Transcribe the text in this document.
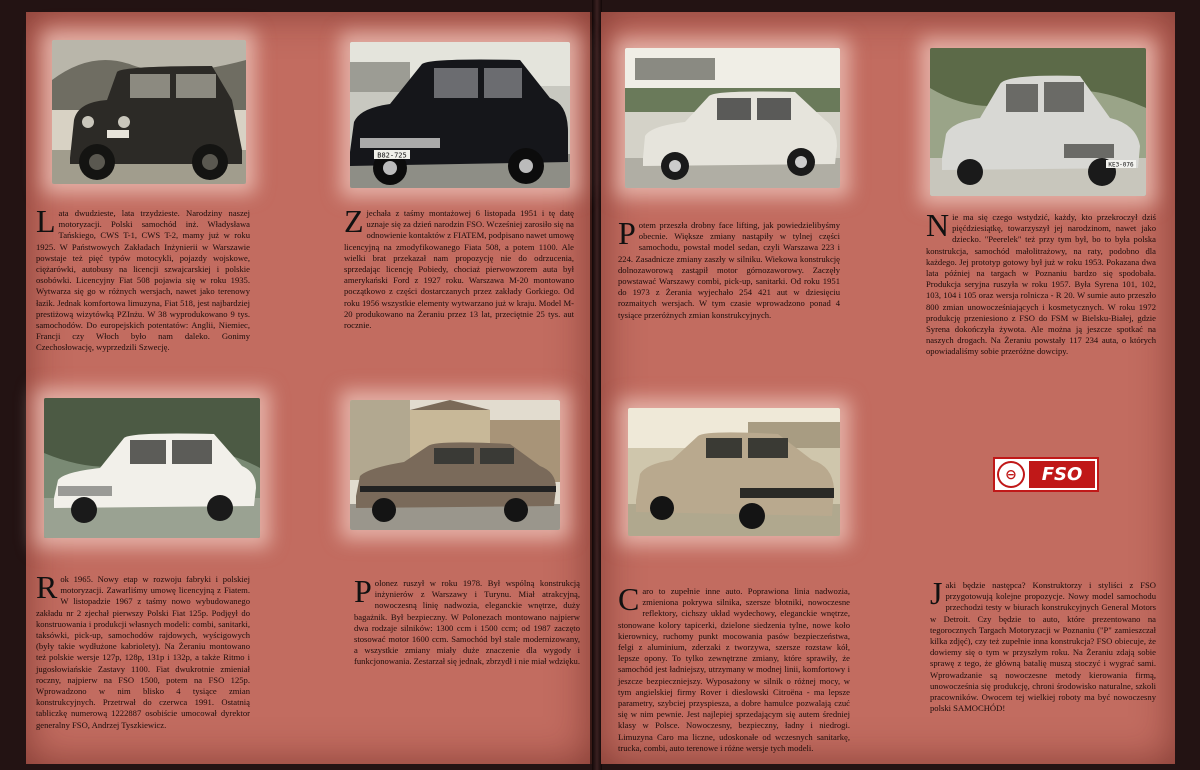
B82-725
KE3-076
Lata dwudzieste, lata trzydzieste. Narodziny naszej motoryzacji. Polski samochód inż. Władysława Tańskiego, CWS T-1, CWS T-2, mamy już w roku 1925. W Państwowych Zakładach Inżynierii w Warszawie powstaje też pięć typów motocykli, pojazdy wojskowe, ciężarówki, autobusy na licencji szwajcarskiej i polskie osobówki. Licencyjny Fiat 508 pojawia się w roku 1935. Wytwarza się go w różnych wersjach, nawet jako terenowy łazik. Jednak komfortowa limuzyna, Fiat 518, jest najbardziej prestiżową wizytówką PZInżu. W 38 wyprodukowano 9 tys. samochodów. Do europejskich potentatów: Anglii, Niemiec, Francji czy Włoch było nam daleko. Gonimy Czechosłowację, wyprzedzili Szwecję.
Zjechała z taśmy montażowej 6 listopada 1951 i tę datę uznaje się za dzień narodzin FSO. Wcześniej zarosiło się na odnowienie kontaktów z FIATEM, podpisano nawet umowę licencyjną na zmodyfikowanego Fiata 508, a potem 1100. Ale wielki brat przekazał nam propozycję nie do odrzucenia, sprzedając licencję Pobiedy, chociaż pierwowzorem auta był amerykański Ford z 1927 roku. Warszawa M-20 montowano początkowo z części dostarczanych przez zakłady Gorkiego. Od roku 1956 wszystkie elementy wytwarzano już w kraju. Model M-20 produkowano na Żeraniu przez 13 lat, przeciętnie 25 tys. aut rocznie.
Potem przeszła drobny face lifting, jak powiedzielibyśmy obecnie. Większe zmiany nastąpiły w tylnej części samochodu, powstał model sedan, czyli Warszawa 223 i 224. Zasadnicze zmiany zaszły w silniku. Wiekowa konstrukcję dolnozaworową zastąpił motor górnozaworowy. Zaczęły powstawać Warszawy combi, pick-up, sanitarki. Od roku 1951 do 1973 z Żerania wyjechało 254 421 aut w dziesięciu rozmaitych wersjach. W tym czasie wprowadzono ponad 4 tysiące przeróżnych zmian konstrukcyjnych.
Nie ma się czego wstydzić, każdy, kto przekroczył dziś pięćdziesiątkę, towarzyszył jej narodzinom, nawet jako dziecko. "Peerelek" też przy tym był, bo to była polska konstrukcja, samochód małolitrażowy, na raty, podobno dla każdego. Jej prototyp gotowy był już w roku 1953. Pokazana dwa lata później na targach w Poznaniu bardzo się spodobała. Produkcja seryjna ruszyła w roku 1957. Była Syrena 101, 102, 103, 104 i 105 oraz wersja rolnicza - R 20. W sumie auto przeszło 800 zmian unowocześniających i kosmetycznych. W roku 1972 produkcję przeniesiono z FSO do FSM w Bielsku-Białej, gdzie Syrena dokończyła żywota. Ale można ją jeszcze spotkać na naszych drogach. Na Żeraniu powstały 117 234 auta, o których opowiadaliśmy sobie przeróżne dowcipy.
Rok 1965. Nowy etap w rozwoju fabryki i polskiej motoryzacji. Zawarliśmy umowę licencyjną z Fiatem. W listopadzie 1967 z taśmy nowo wybudowanego zakładu nr 2 zjechał pierwszy Polski Fiat 125p. Podjęył do konstruowania i produkcji własnych modeli: combi, sanitarki, taksówki, pick-up, samochodów rajdowych, wyścigowych (były takie wydłużone kabriolety). Na Żeraniu montowano też polskie wersje 127p, 128p, 131p i 132p, a także Ritmo i jugosłowiańskie Zastavy 1100. Fiat dwukrotnie zmieniał roczny, najpierw na FSO 1500, potem na FSO 125p. Wprowadzono w nim blisko 4 tysiące zmian konstrukcyjnych. Przetrwał do czerwca 1991. Ostatnią tabliczkę numerową 1222887 osobiście umocował dyrektor generalny FSO, Andrzej Tyszkiewicz.
Polonez ruszył w roku 1978. Był wspólną konstrukcją inżynierów z Warszawy i Turynu. Miał atrakcyjną, nowoczesną linię nadwozia, eleganckie wnętrze, duży bagażnik. Był bezpieczny. W Polonezach montowano najpierw dwa rodzaje silników: 1300 ccm i 1500 ccm; od 1987 zaczęto stosować motor 1600 ccm. Samochód był stale modernizowany, a wszystkie zmiany miały duże znaczenie dla wygody i funkcjonowania. Zestarzał się jednak, zbrzydł i nie miał wdzięku.
Caro to zupełnie inne auto. Poprawiona linia nadwozia, zmieniona pokrywa silnika, szersze błotniki, nowoczesne reflektory, cichszy układ wydechowy, eleganckie wnętrze, stonowane kolory tapicerki, dzielone siedzenia tylne, nowe koło kierownicy, ruchomy punkt mocowania pasów bezpieczeństwa, felgi z aluminium, zderzaki z tworzywa, szersze rozstaw kół, lepsze opony. To tylko zewnętrzne zmiany, które sprawiły, że samochód jest ładniejszy, utrzymany w modnej linii, komfortowy i jeszcze bezpieczniejszy. Wyposażony w silnik o różnej mocy, w tym angielskiej firmy Rover i dieslowski Citroëna - ma lepsze parametry, szybciej przyspiesza, a dobre hamulce pozwalają czuć się w nim pewnie. Jest najlepiej sprzedającym się autem średniej klasy w Polsce. Nowoczesny, bezpieczny, ładny i niedrogi. Limuzyna Caro ma liczne, udoskonałe od wczesnych sanitarkę, trucka, combi, auto terenowe i różne wersje tych modeli.
Jaki będzie następca? Konstruktorzy i styliści z FSO przygotowują kolejne propozycje. Nowy model samochodu przechodzi testy w biurach konstrukcyjnych General Motors w Detroit. Czy będzie to auto, które prezentowano na tegorocznych Targach Motoryzacji w Poznaniu ("P" zamieszczał kilka zdjęć), czy też zupełnie inna konstrukcja? FSO obiecuje, że dowiemy się o tym w przyszłym roku. Na Żeraniu zdają sobie sprawę z tego, że główną batalię muszą stoczyć i wygrać sami. Wprowadzanie są nowoczesne metody kierowania firmą, unowocześnia się produkcję, chroni środowisko naturalne, szkoli pracowników. Owocem tej wielkiej roboty ma być nowoczesny polski SAMOCHÓD!
⊖	FSO
